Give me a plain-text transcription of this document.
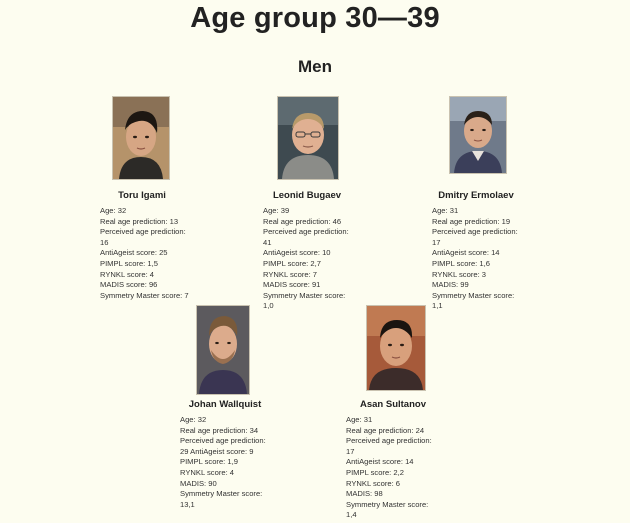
Age group 30—39
Men
Toru Igami
Age: 32
Real age prediction: 13
Perceived age prediction: 16
AntiAgeist score: 25
PIMPL score: 1,5
RYNKL score: 4
MADIS score: 96
Symmetry Master score: 7
Leonid Bugaev
Age: 39
Real age prediction: 46
Perceived age prediction: 41
AntiAgeist score: 10
PIMPL score: 2,7
RYNKL score: 7
MADIS score: 91
Symmetry Master score: 1,0
Dmitry Ermolaev
Age: 31
Real age prediction: 19
Perceived age prediction: 17
AntiAgeist score: 14
PIMPL score: 1,6
RYNKL score: 3
MADIS: 99
Symmetry Master score: 1,1
Johan Wallquist
Age: 32
Real age prediction: 34
Perceived age prediction: 29 AntiAgeist score: 9
PIMPL score: 1,9
RYNKL score: 4
MADIS: 90
Symmetry Master score: 13,1
Asan Sultanov
Age: 31
Real age prediction: 24
Perceived age prediction: 17
AntiAgeist score: 14
PIMPL score: 2,2
RYNKL score: 6
MADIS: 98
Symmetry Master score: 1,4
